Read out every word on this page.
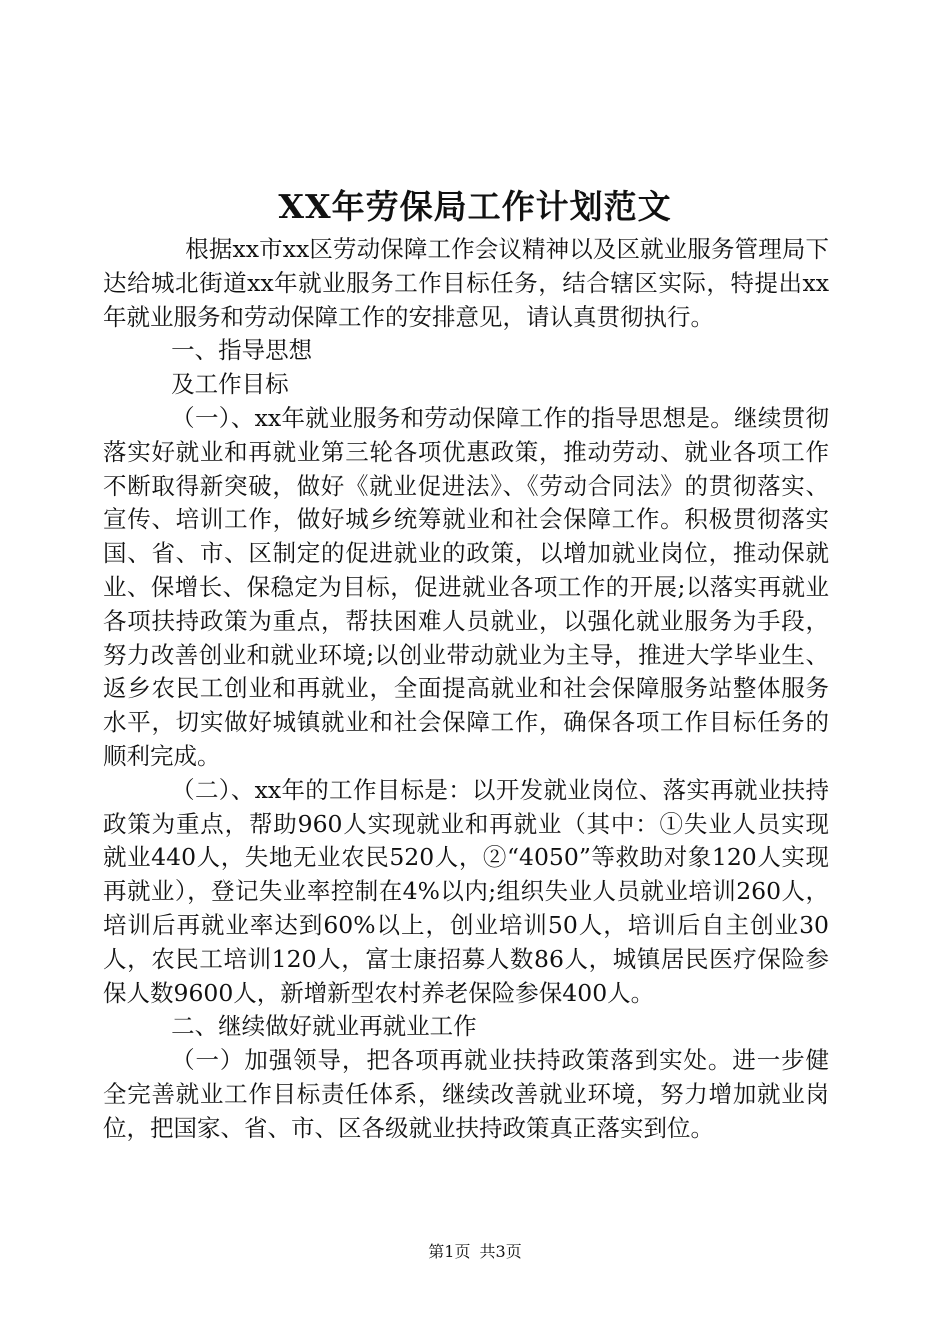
XX年劳保局工作计划范文

根据xx市xx区劳动保障工作会议精神以及区就业服务管理局下达给城北街道xx年就业服务工作目标任务，结合辖区实际，特提出xx年就业服务和劳动保障工作的安排意见，请认真贯彻执行。

一、指导思想

及工作目标

（一）、xx年就业服务和劳动保障工作的指导思想是。继续贯彻落实好就业和再就业第三轮各项优惠政策，推动劳动、就业各项工作不断取得新突破，做好《就业促进法》、《劳动合同法》的贯彻落实、宣传、培训工作，做好城乡统筹就业和社会保障工作。积极贯彻落实国、省、市、区制定的促进就业的政策，以增加就业岗位，推动保就业、保增长、保稳定为目标，促进就业各项工作的开展;以落实再就业各项扶持政策为重点，帮扶困难人员就业，以强化就业服务为手段，努力改善创业和就业环境;以创业带动就业为主导，推进大学毕业生、返乡农民工创业和再就业，全面提高就业和社会保障服务站整体服务水平，切实做好城镇就业和社会保障工作，确保各项工作目标任务的顺利完成。

（二）、xx年的工作目标是：以开发就业岗位、落实再就业扶持政策为重点，帮助960人实现就业和再就业（其中：①失业人员实现就业440人，失地无业农民520人，②“4050”等救助对象120人实现再就业），登记失业率控制在4%以内;组织失业人员就业培训260人，培训后再就业率达到60%以上，创业培训50人，培训后自主创业30人，农民工培训120人，富士康招募人数86人，城镇居民医疗保险参保人数9600人，新增新型农村养老保险参保400人。

二、继续做好就业再就业工作

（一）加强领导，把各项再就业扶持政策落到实处。进一步健全完善就业工作目标责任体系，继续改善就业环境，努力增加就业岗位，把国家、省、市、区各级就业扶持政策真正落实到位。

第1页 共3页
